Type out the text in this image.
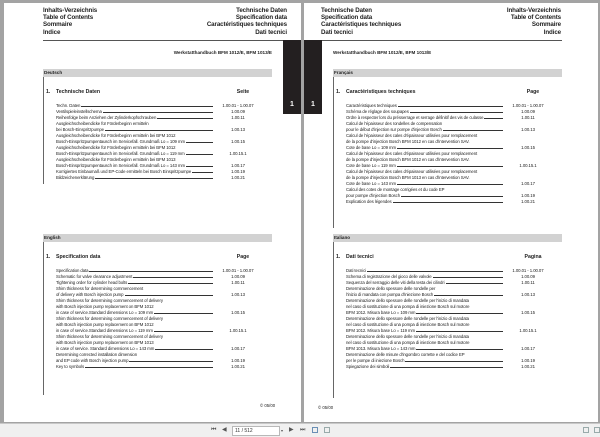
Inhalts-Verzeichnis
Table of Contents
Sommaire
Indice
Technische Daten
Specification data
Caractéristiques techniques
Dati tecnici
1
Werkstatthandbuch BFM 1012/E, BFM 1013/E
Deutsch
1. Technische Daten	Seite
Techn. Daten	1.00.01 - 1.00.07
Ventilspieleinstellschema	1.00.09
Reihenfolge beim Anziehen der Zylinderkopfschrauben	1.00.11
Ausgleichscheibendicke für Förderbeginn ermitteln
bei Bosch-Einspritzpumpe	1.00.13
Ausgleichscheibendicke für Förderbeginn ermitteln bei BFM 1012
Bosch-Einspritzpumpentausch im Servicefall. Grundmaß Lo = 109 mm	1.00.15
Ausgleichscheibendicke für Förderbeginn ermitteln bei BFM 1012
Bosch-Einspritzpumpentausch im Servicefall. Grundmaß Lo = 119 mm	1.00.15.1
Ausgleichscheibendicke für Förderbeginn ermitteln bei BFM 1013
Bosch-Einspritzpumpentausch im Servicefall. Grundmaß Lo = 143 mm	1.00.17
Korrigiertes Einbaumaß und EP-Code ermitteln bei Bosch Einspritzpumpe	1.00.19
Bildzeichenerklärung	1.00.21
English
1. Specification data	Page
Specification data	1.00.01 - 1.00.07
Schematic for valve clearance adjustment	1.00.09
Tightening order for cylinder head bolts	1.00.11
Shim thickness for determining commencement
of delivery with Bosch injection pump	1.00.13
Shim thickness for determining commencement of delivery
with Bosch injection pump replacement on BFM 1012
in case of service.Standard dimensions Lo = 109 mm	1.00.15
Shim thickness for determining commencement of delivery
with Bosch injection pump replacement on BFM 1012
in case of service.Standard dimensions Lo = 119 mm	1.00.15.1
Shim thickness for determining commencement of delivery
with Bosch injection pump replacement on BFM 1013
in case of service. Standard dimensions Lo = 143 mm	1.00.17
Determining corrected installation dimension
and EP code with Bosch injection pump	1.00.19
Key to symbols	1.00.21
© 05/00
Technische Daten
Specification data
Caractéristiques techniques
Dati tecnici
Inhalts-Verzeichnis
Table of Contents
Sommaire
Indice
1
Werkstatthandbuch BFM 1012/E, BFM 1013/E
Français
1. Caractéristiques techniques	Page
Caractéristiques techniques	1.00.01 - 1.00.07
Schéma de réglage des soupapes	1.00.09
Ordre à respecter lors du présserrage et serrage définitif des vis de culasse	1.00.11
Calcul de l'épaisseur des rondelles de compensation
pour le début d'injection sur pompe d'injection Bosch	1.00.13
Calcul de l'épaisseur des cales d'épaisseur utilisées pour remplacement
de la pompe d'injection Bosch BFM 1012 en cas d'intervention SAV.
Cote de base Lo = 109 mm	1.00.15
Calcul de l'épaisseur des cales d'épaisseur utilisées pour remplacement
de la pompe d'injection Bosch BFM 1012 en cas d'intervention SAV.
Cote de base Lo = 119 mm	1.00.15.1
Calcul de l'épaisseur des cales d'épaisseur utilisées pour remplacement
de la pompe d'injection Bosch BFM 1013 en cas d'intervention SAV.
Cote de base Lo = 143 mm	1.00.17
Calcul des cotes de montage corrigées et du code EP
pour pompe d'injection Bosch	1.00.19
Explication des légendes	1.00.21
Italiano
1. Dati tecnici	Pagina
Dati tecnici	1.00.01 - 1.00.07
Schema di registrazione del gioco delle valvole	1.00.09
Sequenza del serraggio delle viti della testa dei cilindri	1.00.11
Determinazione dello spessore delle rondelle per
l'inizio di mandata con pompa d'iniezione Bosch	1.00.13
Determinazione dello spessore delle rondelle per l'inizio di mandata
nel caso di sostituzione di una pompa di iniezione Bosch sul motore
BFM 1012. Misura base Lo = 109 mm	1.00.15
Determinazione dello spessore delle rondelle per l'inizio di mandata
nel caso di sostituzione di una pompa di iniezione Bosch sul motore
BFM 1012. Misura base Lo = 119 mm	1.00.15.1
Determinazione dello spessore delle rondelle per l'inizio di mandata
nel caso di sostituzione di una pompa di iniezione Bosch sul motore
BFM 1013. Misura base Lo = 143 mm	1.00.17
Determinazione delle misure d'ingombro corrette e del codice EP
per le pompe di iniezione Bosch	1.00.19
Spiegazione dei simboli	1.00.21
© 05/00
⏮ ◀	11 / 512	▾ ▶ ⏭
